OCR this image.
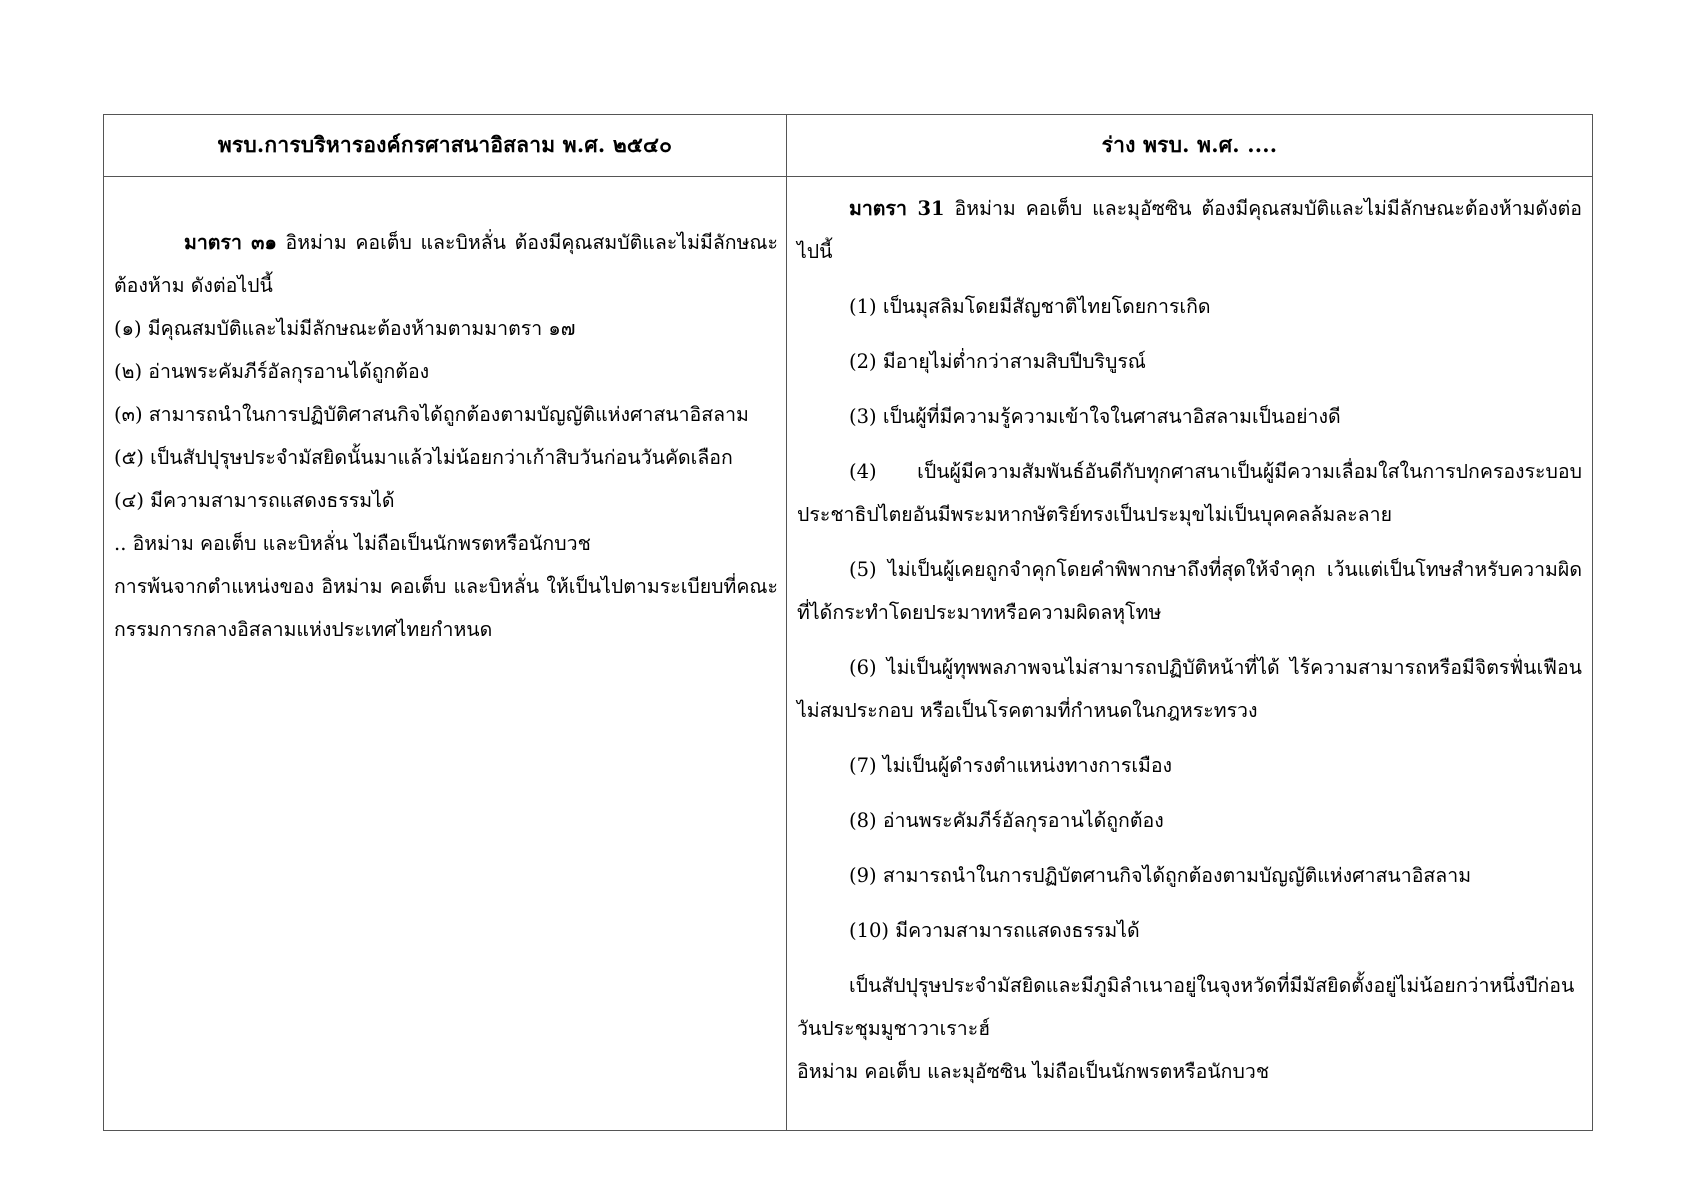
พรบ.การบริหารองค์กรศาสนาอิสลาม พ.ศ. ๒๕๔๐	ร่าง พรบ. พ.ศ. ....

มาตรา ๓๑ อิหม่าม คอเต็บ และบิหลั่น ต้องมีคุณสมบัติและไม่มีลักษณะต้องห้าม ดังต่อไปนี้

(๑) มีคุณสมบัติและไม่มีลักษณะต้องห้ามตามมาตรา ๑๗

(๒) อ่านพระคัมภีร์อัลกุรอานได้ถูกต้อง

(๓) สามารถนำในการปฏิบัติศาสนกิจได้ถูกต้องตามบัญญัติแห่งศาสนาอิสลาม

(๕) เป็นสัปปุรุษประจำมัสยิดนั้นมาแล้วไม่น้อยกว่าเก้าสิบวันก่อนวันคัดเลือก

(๔) มีความสามารถแสดงธรรมได้

.. อิหม่าม คอเต็บ และบิหลั่น ไม่ถือเป็นนักพรตหรือนักบวช

การพ้นจากตำแหน่งของ อิหม่าม คอเต็บ และบิหลั่น ให้เป็นไปตามระเบียบที่คณะกรรมการกลางอิสลามแห่งประเทศไทยกำหนด

มาตรา 31 อิหม่าม คอเต็บ และมุอัซซิน ต้องมีคุณสมบัติและไม่มีลักษณะต้องห้ามดังต่อไปนี้

(1) เป็นมุสลิมโดยมีสัญชาติไทยโดยการเกิด

(2) มีอายุไม่ต่ำกว่าสามสิบปีบริบูรณ์

(3) เป็นผู้ที่มีความรู้ความเข้าใจในศาสนาอิสลามเป็นอย่างดี

(4) เป็นผู้มีความสัมพันธ์อันดีกับทุกศาสนาเป็นผู้มีความเลื่อมใสในการปกครองระบอบประชาธิปไตยอันมีพระมหากษัตริย์ทรงเป็นประมุขไม่เป็นบุคคลล้มละลาย

(5) ไม่เป็นผู้เคยถูกจำคุกโดยคำพิพากษาถึงที่สุดให้จำคุก เว้นแต่เป็นโทษสำหรับความผิดที่ได้กระทำโดยประมาทหรือความผิดลหุโทษ

(6) ไม่เป็นผู้ทุพพลภาพจนไม่สามารถปฏิบัติหน้าที่ได้ ไร้ความสามารถหรือมีจิตรฟั่นเฟือน ไม่สมประกอบ หรือเป็นโรคตามที่กำหนดในกฎหระทรวง

(7) ไม่เป็นผู้ดำรงตำแหน่งทางการเมือง

(8) อ่านพระคัมภีร์อัลกุรอานได้ถูกต้อง

(9) สามารถนำในการปฏิบัตศานกิจได้ถูกต้องตามบัญญัติแห่งศาสนาอิสลาม

(10) มีความสามารถแสดงธรรมได้

เป็นสัปปุรุษประจำมัสยิดและมีภูมิลำเนาอยู่ในจุงหวัดที่มีมัสยิดตั้งอยู่ไม่น้อยกว่าหนึ่งปีก่อนวันประชุมมูชาวาเราะฮ์

อิหม่าม คอเต็บ และมุอัซซิน ไม่ถือเป็นนักพรตหรือนักบวช
